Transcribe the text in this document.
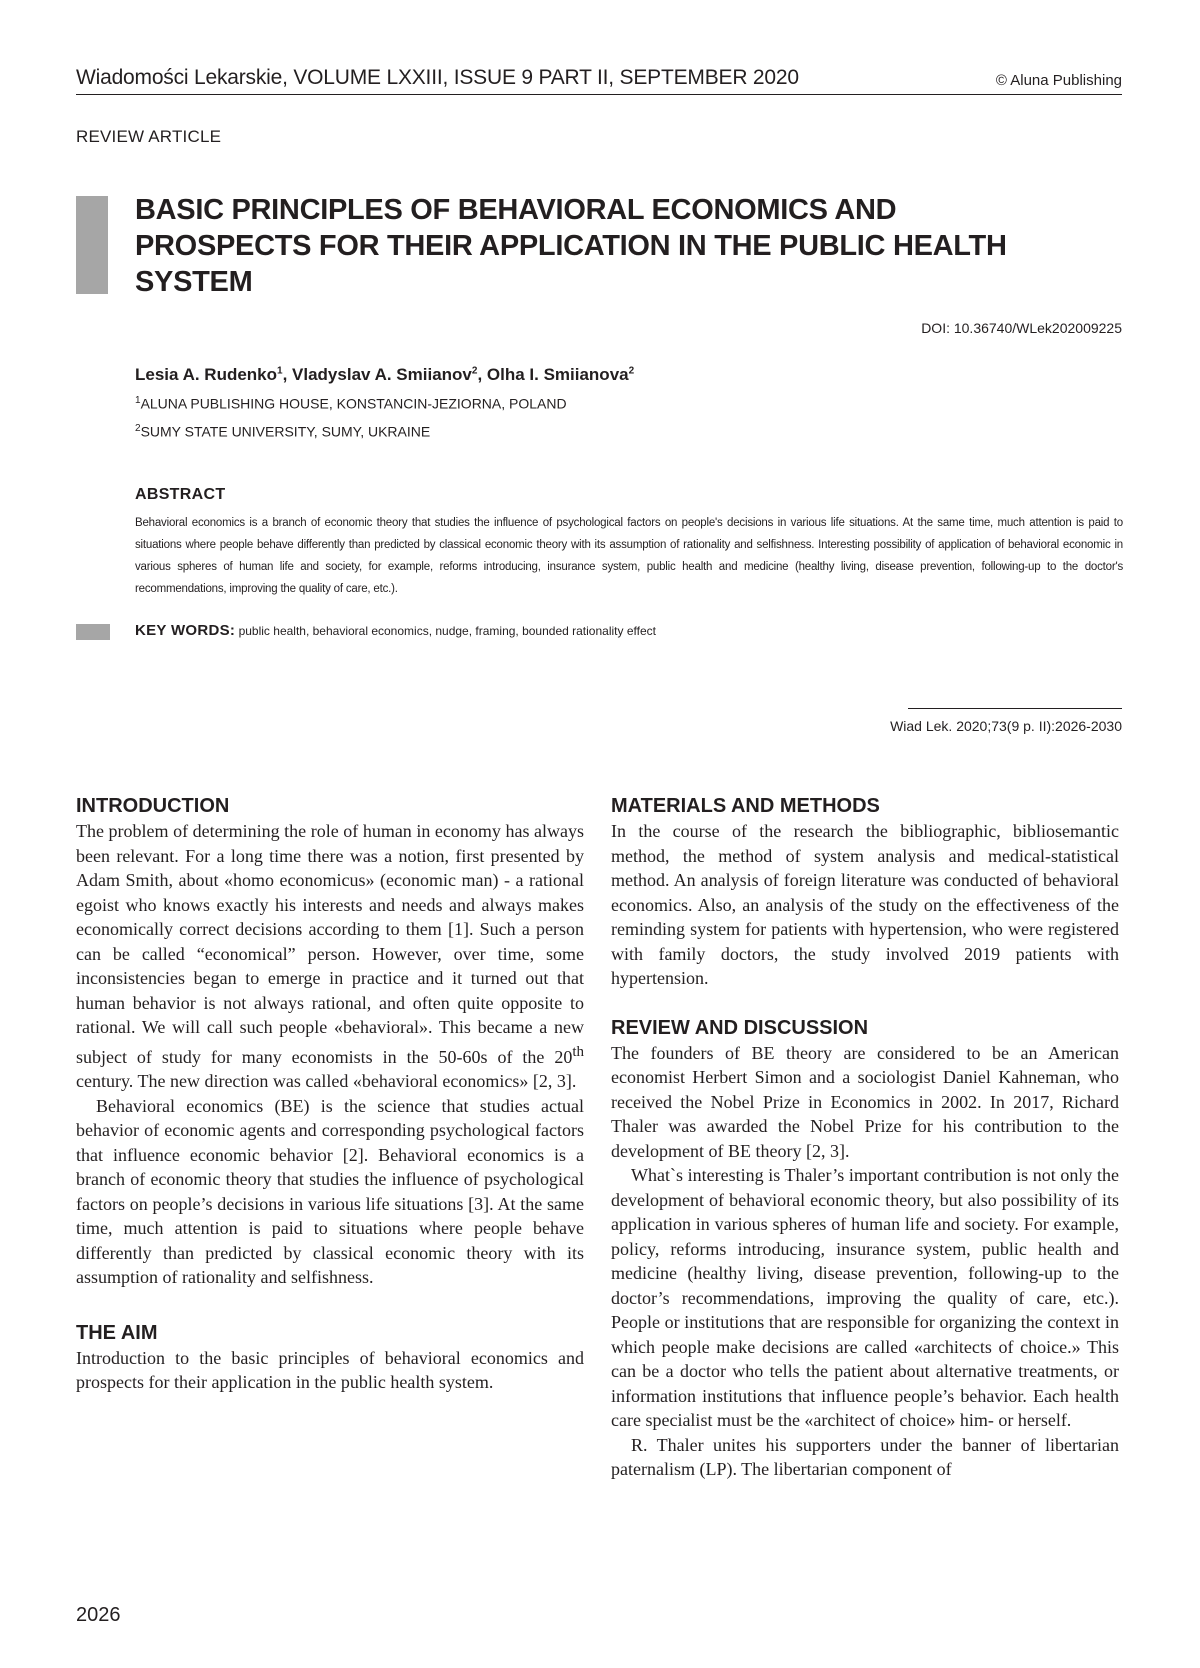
Wiadomości Lekarskie, VOLUME LXXIII, ISSUE 9 PART II, SEPTEMBER 2020	© Aluna Publishing
REVIEW ARTICLE
BASIC PRINCIPLES OF BEHAVIORAL ECONOMICS AND PROSPECTS FOR THEIR APPLICATION IN THE PUBLIC HEALTH SYSTEM
DOI: 10.36740/WLek202009225
Lesia A. Rudenko$^1$, Vladyslav A. Smiianov$^2$, Olha I. Smiianova$^2$
$^1$ALUNA PUBLISHING HOUSE, KONSTANCIN-JEZIORNA, POLAND
$^2$SUMY STATE UNIVERSITY, SUMY, UKRAINE
ABSTRACT
Behavioral economics is a branch of economic theory that studies the influence of psychological factors on people's decisions in various life situations. At the same time, much attention is paid to situations where people behave differently than predicted by classical economic theory with its assumption of rationality and selfishness. Interesting possibility of application of behavioral economic in various spheres of human life and society, for example, reforms introducing, insurance system, public health and medicine (healthy living, disease prevention, following-up to the doctor's recommendations, improving the quality of care, etc.).
KEY WORDS: public health, behavioral economics, nudge, framing, bounded rationality effect
Wiad Lek. 2020;73(9 p. II):2026-2030
INTRODUCTION

The problem of determining the role of human in economy has always been relevant. For a long time there was a notion, first presented by Adam Smith, about «homo economicus» (economic man) - a rational egoist who knows exactly his interests and needs and always makes economically correct decisions according to them [1]. Such a person can be called “economical” person. However, over time, some inconsistencies began to emerge in practice and it turned out that human behavior is not always rational, and often quite opposite to rational. We will call such people «behavioral». This became a new subject of study for many economists in the 50-60s of the 20th century. The new direction was called «behavioral economics» [2, 3].

Behavioral economics (BE) is the science that studies actual behavior of economic agents and corresponding psychological factors that influence economic behavior [2]. Behavioral economics is a branch of economic theory that studies the influence of psychological factors on people’s decisions in various life situations [3]. At the same time, much attention is paid to situations where people behave differently than predicted by classical economic theory with its assumption of rationality and selfishness.

THE AIM

Introduction to the basic principles of behavioral economics and prospects for their application in the public health system.

MATERIALS AND METHODS

In the course of the research the bibliographic, bibliosemantic method, the method of system analysis and medical-statistical method. An analysis of foreign literature was conducted of behavioral economics. Also, an analysis of the study on the effectiveness of the reminding system for patients with hypertension, who were registered with family doctors, the study involved 2019 patients with hypertension.

REVIEW AND DISCUSSION

The founders of BE theory are considered to be an American economist Herbert Simon and a sociologist Daniel Kahneman, who received the Nobel Prize in Economics in 2002. In 2017, Richard Thaler was awarded the Nobel Prize for his contribution to the development of BE theory [2, 3].

What`s interesting is Thaler’s important contribution is not only the development of behavioral economic theory, but also possibility of its application in various spheres of human life and society. For example, policy, reforms introducing, insurance system, public health and medicine (healthy living, disease prevention, following-up to the doctor’s recommendations, improving the quality of care, etc.). People or institutions that are responsible for organizing the context in which people make decisions are called «architects of choice.» This can be a doctor who tells the patient about alternative treatments, or information institutions that influence people’s behavior. Each health care specialist must be the «architect of choice» him- or herself.

R. Thaler unites his supporters under the banner of libertarian paternalism (LP). The libertarian component of

2026
